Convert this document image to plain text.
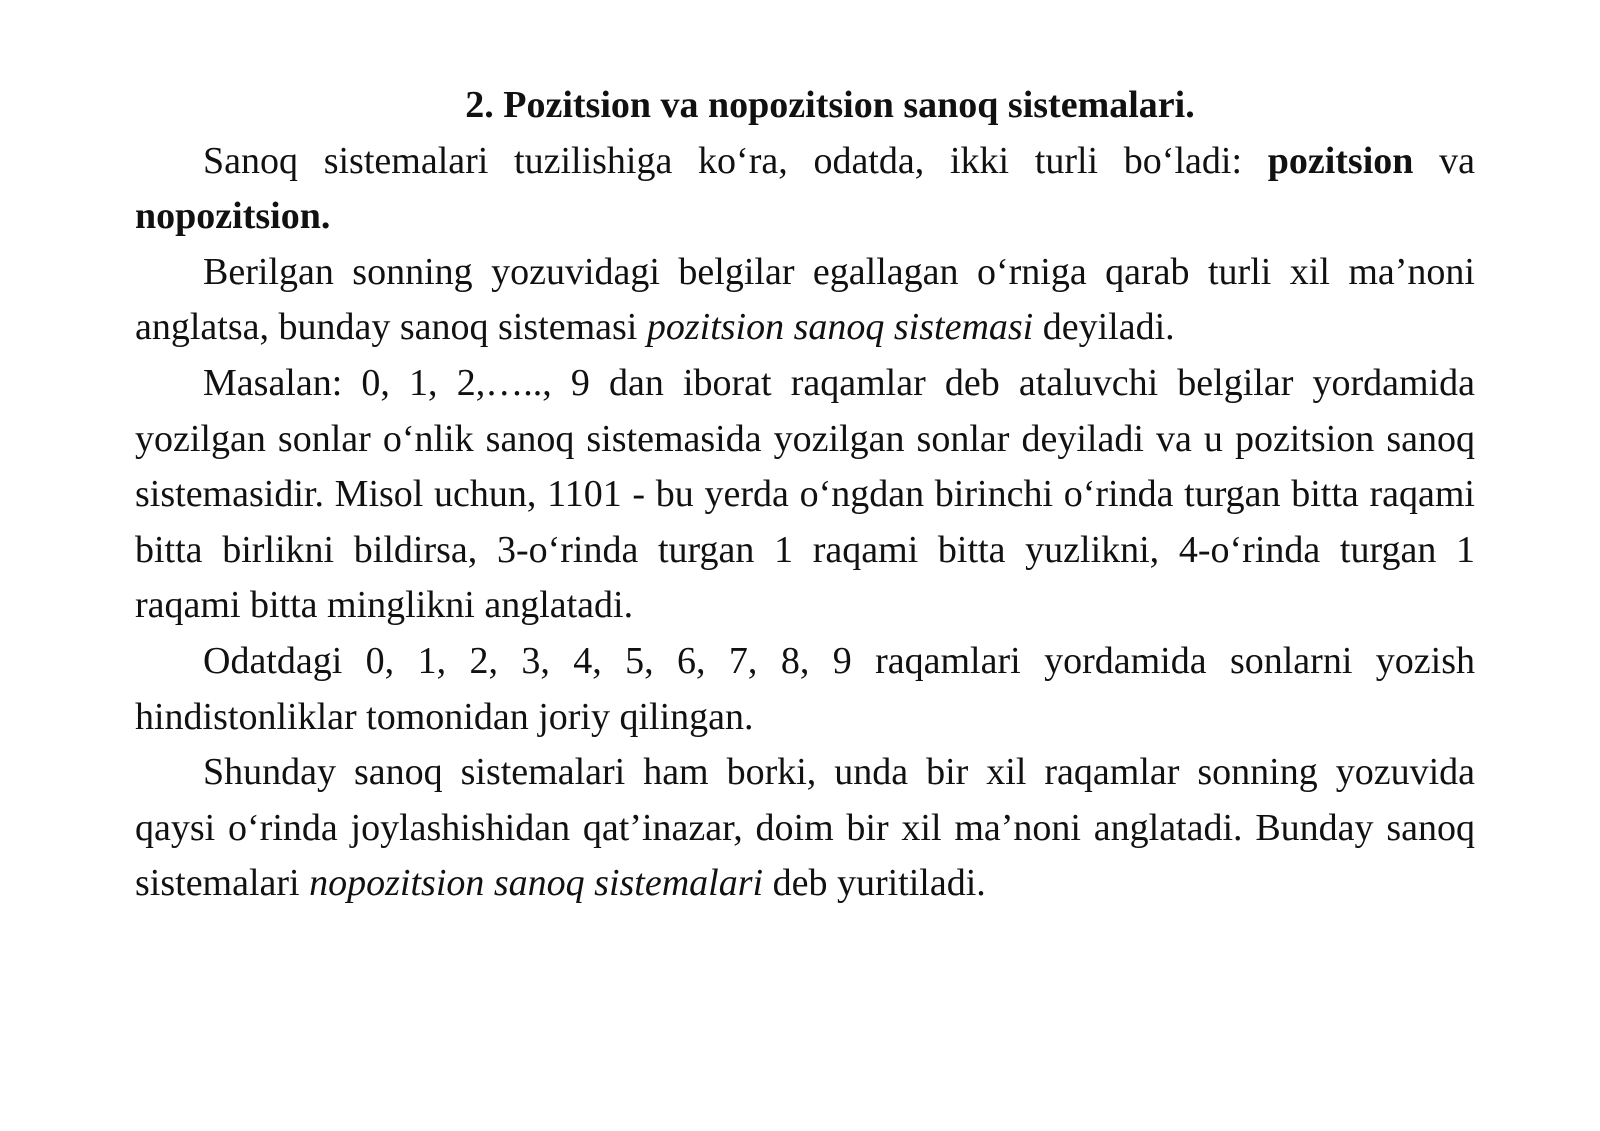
2. Pozitsion va nopozitsion sanoq sistemalari.

Sanoq sistemalari tuzilishiga ko‘ra, odatda, ikki turli bo‘ladi: pozitsion va nopozitsion.

Berilgan sonning yozuvidagi belgilar egallagan o‘rniga qarab turli xil ma’noni anglatsa, bunday sanoq sistemasi pozitsion sanoq sistemasi deyiladi.

Masalan: 0, 1, 2,….., 9 dan iborat raqamlar deb ataluvchi belgilar yordamida yozilgan sonlar o‘nlik sanoq sistemasida yozilgan sonlar deyiladi va u pozitsion sanoq sistemasidir. Misol uchun, 1101 - bu yerda o‘ngdan birinchi o‘rinda turgan bitta raqami bitta birlikni bildirsa, 3-o‘rinda turgan 1 raqami bitta yuzlikni, 4-o‘rinda turgan 1 raqami bitta minglikni anglatadi.

Odatdagi 0, 1, 2, 3, 4, 5, 6, 7, 8, 9 raqamlari yordamida sonlarni yozish hindistonliklar tomonidan joriy qilingan.

Shunday sanoq sistemalari ham borki, unda bir xil raqamlar sonning yozuvida qaysi o‘rinda joylashishidan qat’inazar, doim bir xil ma’noni anglatadi. Bunday sanoq sistemalari nopozitsion sanoq sistemalari deb yuritiladi.
